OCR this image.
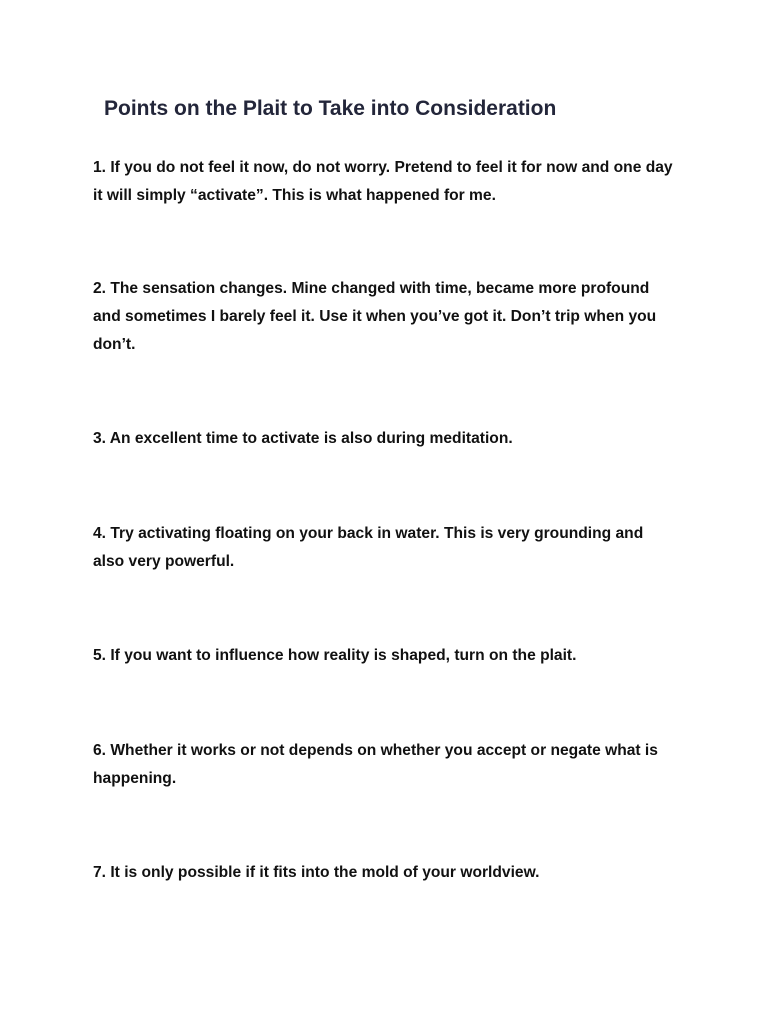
Points on the Plait to Take into Consideration

1. If you do not feel it now, do not worry. Pretend to feel it for now and one day it will simply “activate”. This is what happened for me.

2. The sensation changes. Mine changed with time, became more profound and sometimes I barely feel it. Use it when you’ve got it. Don’t trip when you don’t.

3. An excellent time to activate is also during meditation.

4. Try activating floating on your back in water. This is very grounding and also very powerful.

5. If you want to influence how reality is shaped, turn on the plait.

6. Whether it works or not depends on whether you accept or negate what is happening.

7. It is only possible if it fits into the mold of your worldview.
